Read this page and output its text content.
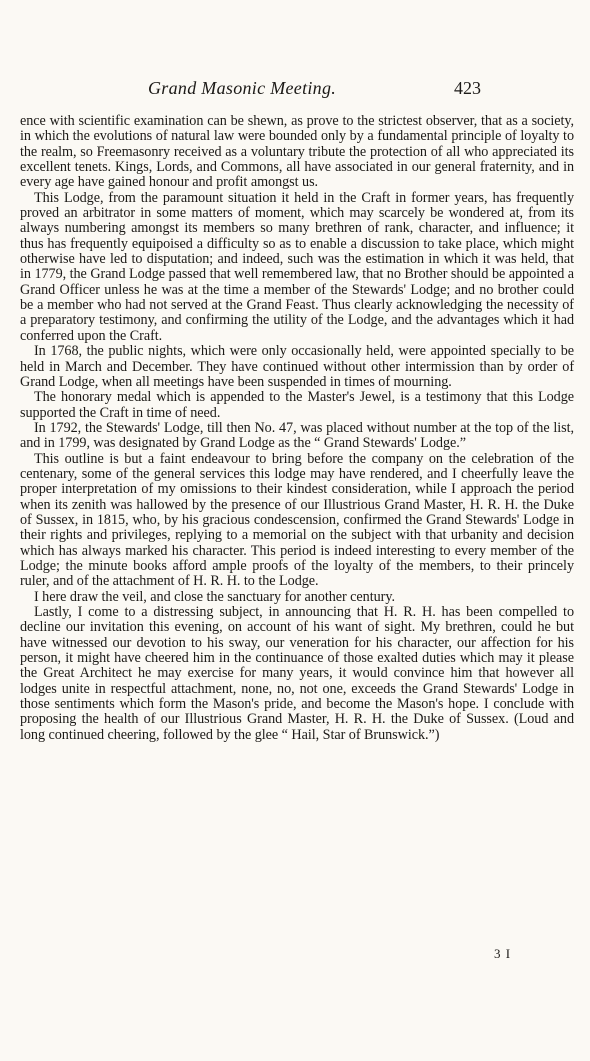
Grand Masonic Meeting.	423

ence with scientific examination can be shewn, as prove to the strictest observer, that as a society, in which the evolutions of natural law were bounded only by a fundamental principle of loyalty to the realm, so Freemasonry received as a voluntary tribute the protection of all who appreciated its excellent tenets. Kings, Lords, and Commons, all have associated in our general fraternity, and in every age have gained honour and profit amongst us.

This Lodge, from the paramount situation it held in the Craft in former years, has frequently proved an arbitrator in some matters of moment, which may scarcely be wondered at, from its always numbering amongst its members so many brethren of rank, character, and influence; it thus has frequently equipoised a difficulty so as to enable a discussion to take place, which might otherwise have led to disputation; and indeed, such was the estimation in which it was held, that in 1779, the Grand Lodge passed that well remembered law, that no Brother should be appointed a Grand Officer unless he was at the time a member of the Stewards' Lodge; and no brother could be a member who had not served at the Grand Feast. Thus clearly acknowledging the necessity of a preparatory testimony, and confirming the utility of the Lodge, and the advantages which it had conferred upon the Craft.

In 1768, the public nights, which were only occasionally held, were appointed specially to be held in March and December. They have continued without other intermission than by order of Grand Lodge, when all meetings have been suspended in times of mourning.

The honorary medal which is appended to the Master's Jewel, is a testimony that this Lodge supported the Craft in time of need.

In 1792, the Stewards' Lodge, till then No. 47, was placed without number at the top of the list, and in 1799, was designated by Grand Lodge as the “ Grand Stewards' Lodge.”

This outline is but a faint endeavour to bring before the company on the celebration of the centenary, some of the general services this lodge may have rendered, and I cheerfully leave the proper interpretation of my omissions to their kindest consideration, while I approach the period when its zenith was hallowed by the presence of our Illustrious Grand Master, H. R. H. the Duke of Sussex, in 1815, who, by his gracious condescension, confirmed the Grand Stewards' Lodge in their rights and privileges, replying to a memorial on the subject with that urbanity and decision which has always marked his character. This period is indeed interesting to every member of the Lodge; the minute books afford ample proofs of the loyalty of the members, to their princely ruler, and of the attachment of H. R. H. to the Lodge.

I here draw the veil, and close the sanctuary for another century.

Lastly, I come to a distressing subject, in announcing that H. R. H. has been compelled to decline our invitation this evening, on account of his want of sight. My brethren, could he but have witnessed our devotion to his sway, our veneration for his character, our affection for his person, it might have cheered him in the continuance of those exalted duties which may it please the Great Architect he may exercise for many years, it would convince him that however all lodges unite in respectful attachment, none, no, not one, exceeds the Grand Stewards' Lodge in those sentiments which form the Mason's pride, and become the Mason's hope. I conclude with proposing the health of our Illustrious Grand Master, H. R. H. the Duke of Sussex. (Loud and long continued cheering, followed by the glee “ Hail, Star of Brunswick.”)

3 I
